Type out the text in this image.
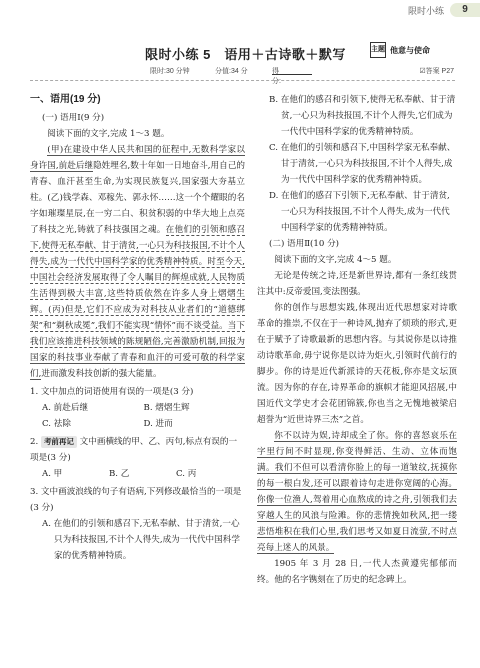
限时小练	9
限时小练 5　语用＋古诗歌＋默写	主题 他意与使命
限时:30 分钟	分值:34 分	得分:
☑答案 P27
一、语用(19 分)
(一) 语用Ⅰ(9 分)
阅读下面的文字,完成 1～3 题。
(甲)在建设中华人民共和国的征程中,无数科学家以身许国,前赴后继隐姓埋名,数十年如一日地奋斗,用自己的青春、血汗甚至生命,为实现民族复兴,国家强大夯基立柱。(乙)钱学森、邓稼先、郭永怀……这一个个耀眼的名字如璀璨星辰,在一穷二白、积贫积弱的中华大地上点亮了科技之光,铸就了科技强国之魂。在他们的引领和感召下,使得无私奉献、甘于清贫,一心只为科技报国,不计个人得失,成为一代代中国科学家的优秀精神特质。时至今天,中国社会经济发展取得了令人瞩目的辉煌成就,人民物质生活得到极大丰富,这些特质依然在许多人身上熠熠生辉。(丙)但是,它们不应成为对科技从业者们的“道德绑架”和“剃秋成冕”,我们不能实现“情怀”而不谈受益。当下我们应该推进科技领域的陈规陋俗,完善激励机制,回报为国家的科技事业奉献了青春和血汗的可爱可敬的科学家们,进而激发科技创新的强大能量。
1. 文中加点的词语使用有误的一项是(3 分)
A. 前赴后继	B. 熠熠生辉
C. 祛除	D. 进而
2. 考前再记 文中画横线的甲、乙、丙句,标点有误的一项是(3 分)
A. 甲	B. 乙	C. 丙
3. 文中画波浪线的句子有语病,下列修改最恰当的一项是(3 分)
A. 在他们的引领和感召下,无私奉献、甘于清贫,一心只为科技报国,不计个人得失,成为一代代中国科学家的优秀精神特质。
B. 在他们的感召和引领下,使得无私奉献、甘于清贫,一心只为科技报国,不计个人得失,它们成为一代代中国科学家的优秀精神特质。
C. 在他们的引领和感召下,中国科学家无私奉献、甘于清贫,一心只为科技报国,不计个人得失,成为一代代中国科学家的优秀精神特质。
D. 在他们的感召下引领下,无私奉献、甘于清贫,一心只为科技报国,不计个人得失,成为一代代中国科学家的优秀精神特质。
(二) 语用Ⅱ(10 分)
阅读下面的文字,完成 4～5 题。
无论是传统之诗,还是新世界诗,都有一条红线贯注其中:反帝爱国,变法图强。
你的创作与思想实践,体现出近代思想家对诗歌革命的推崇,不仅在于一种诗风,抛弃了烦琐的形式,更在于赋予了诗歌最新的思想内容。与其说你是以诗推动诗歌革命,毋宁说你是以诗为炬火,引领时代前行的脚步。你的诗是近代新派诗的天花板,你亦是文坛顶流。因为你的存在,诗界革命的旗帜才能迎风招展,中国近代文学史才会花团锦簇,你也当之无愧地被梁启超誉为“近世诗界三杰”之首。
你不以诗为娱,诗却成全了你。你的喜怒哀乐在字里行间不时显现,你变得鲜活、生动、立体而饱满。我们不但可以看清你脸上的每一道皱纹,抚摸你的每一根白发,还可以跟着诗句走进你宽阔的心海。你像一位渔人,驾着用心血熬成的诗之舟,引领我们去穿越人生的风浪与险滩。你的悲情挽如秋风,把一缕悲悟堆积在我们心里,我们思考又如夏日流萤,不时点亮每上迷人的风景。
1905 年 3 月 28 日,一代人杰黄遵宪郁郁而终。他的名字镌刻在了历史的纪念碑上。
